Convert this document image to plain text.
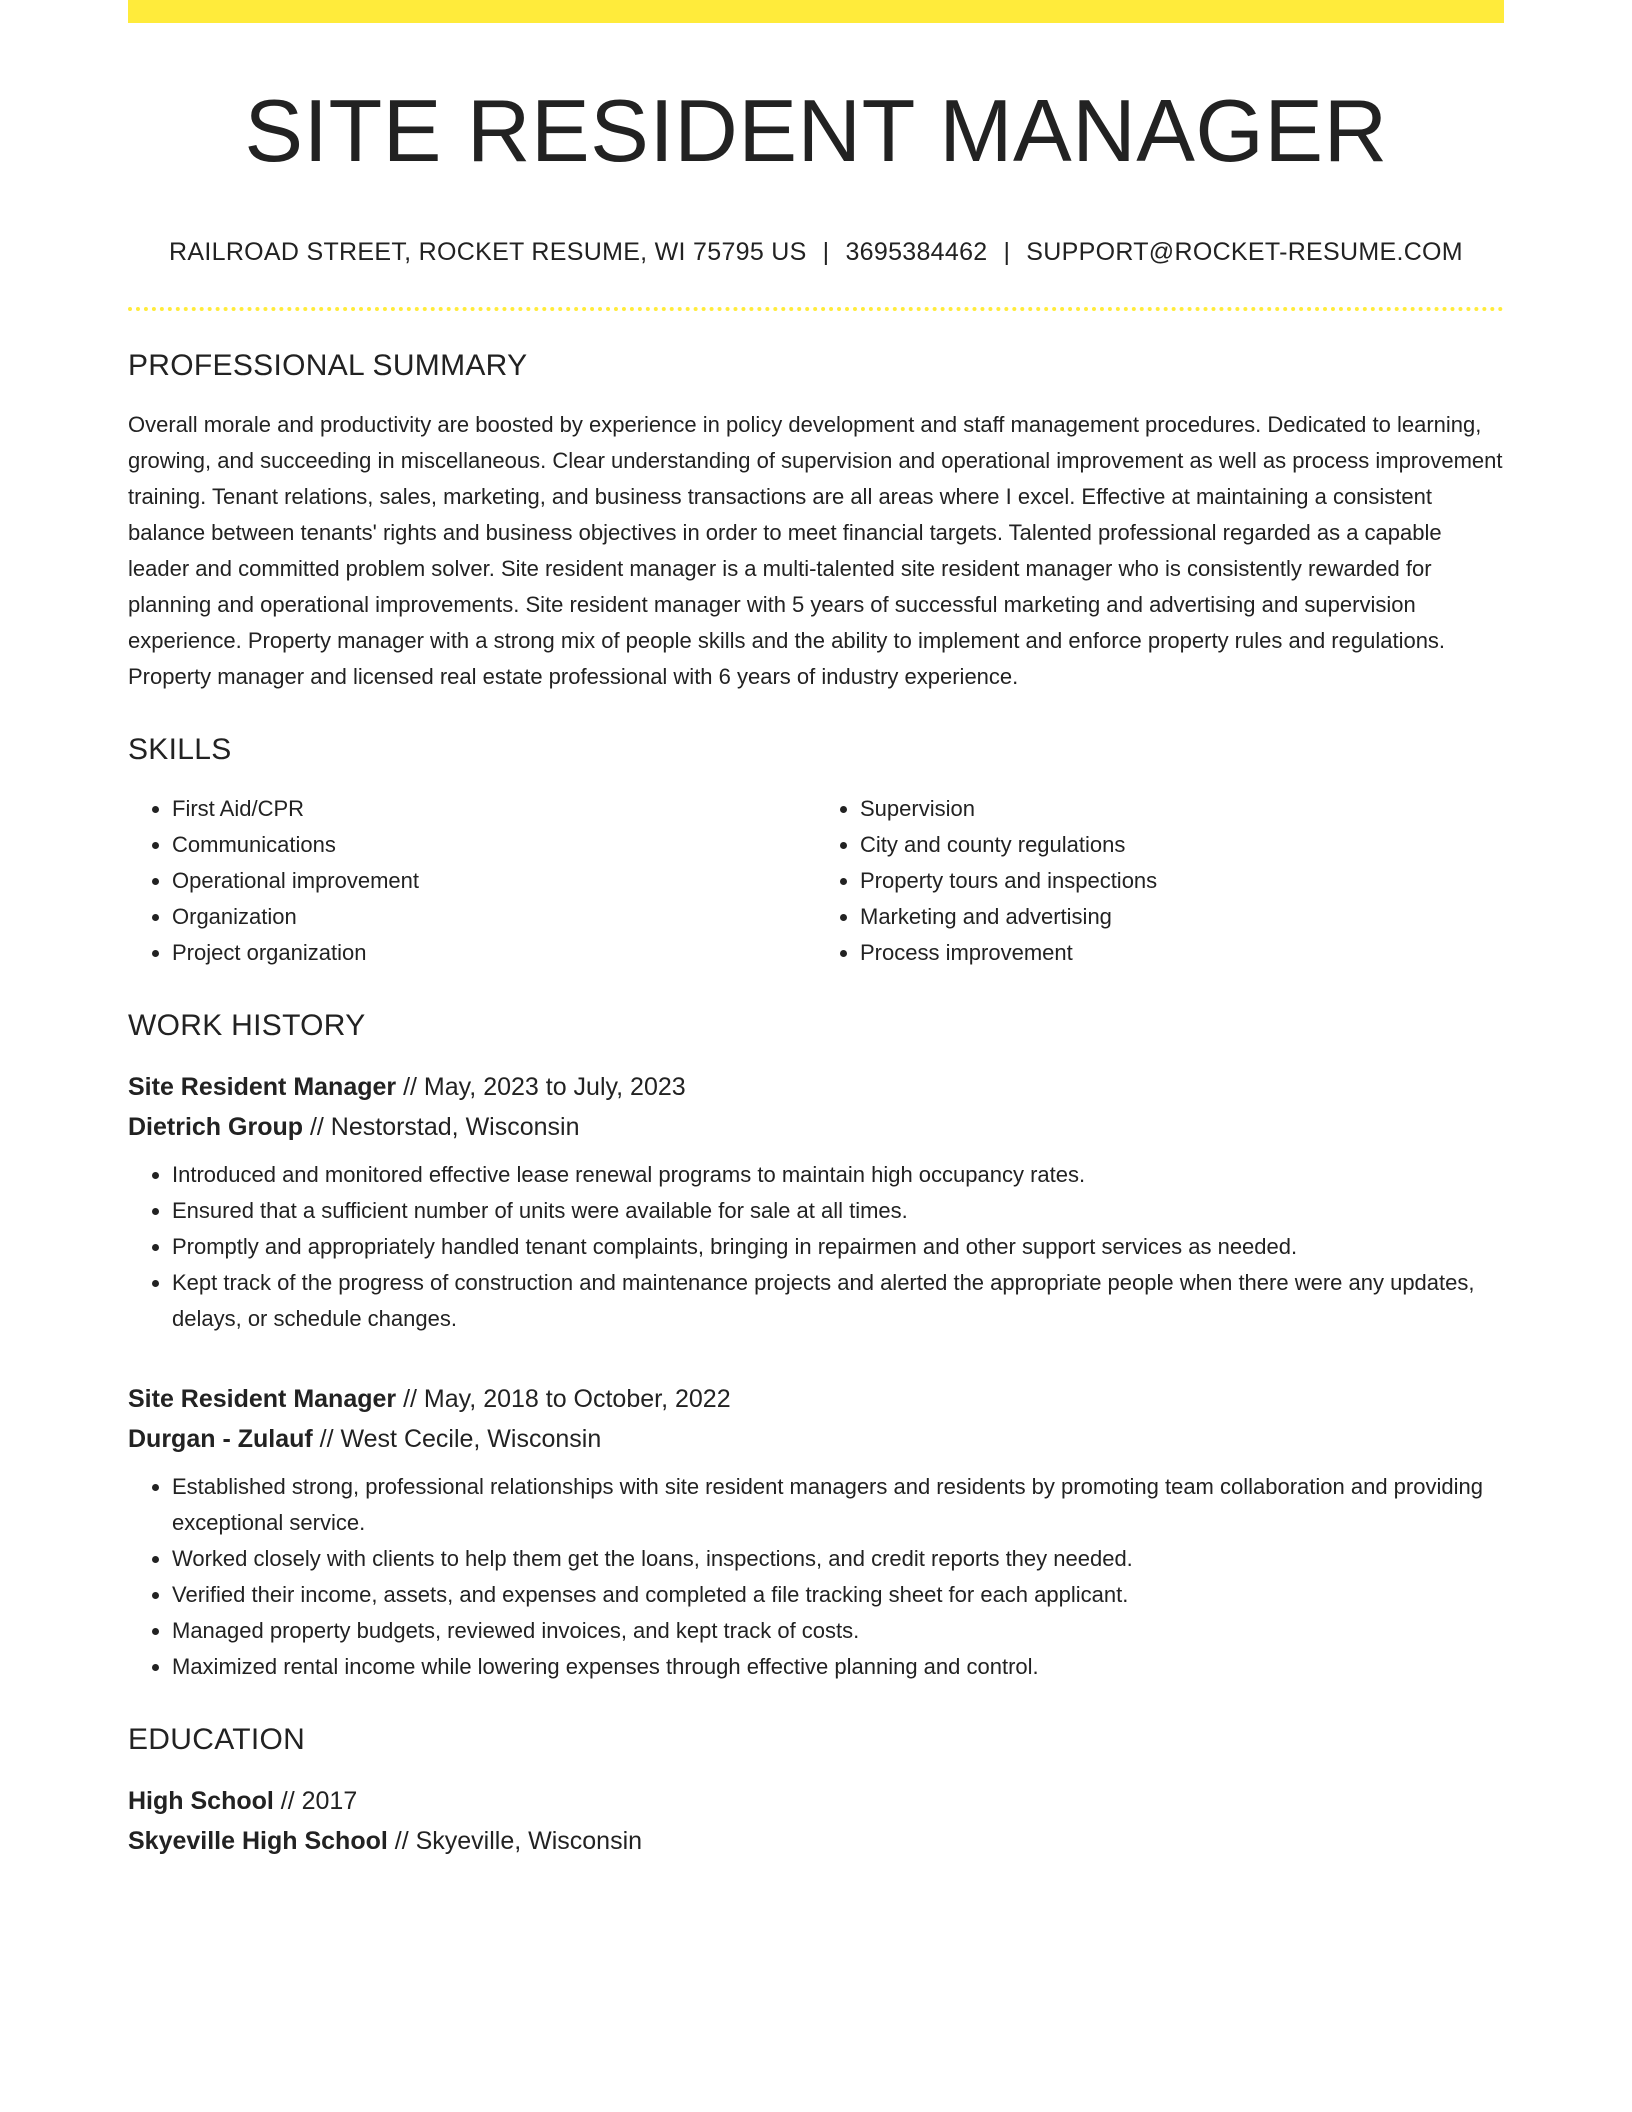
SITE RESIDENT MANAGER
RAILROAD STREET, ROCKET RESUME, WI 75795 US | 3695384462 | SUPPORT@ROCKET-RESUME.COM
PROFESSIONAL SUMMARY

Overall morale and productivity are boosted by experience in policy development and staff management procedures. Dedicated to learning, growing, and succeeding in miscellaneous. Clear understanding of supervision and operational improvement as well as process improvement training. Tenant relations, sales, marketing, and business transactions are all areas where I excel. Effective at maintaining a consistent balance between tenants' rights and business objectives in order to meet financial targets. Talented professional regarded as a capable leader and committed problem solver. Site resident manager is a multi-talented site resident manager who is consistently rewarded for planning and operational improvements. Site resident manager with 5 years of successful marketing and advertising and supervision experience. Property manager with a strong mix of people skills and the ability to implement and enforce property rules and regulations. Property manager and licensed real estate professional with 6 years of industry experience.

SKILLS
• First Aid/CPR
• Communications
• Operational improvement
• Organization
• Project organization
• Supervision
• City and county regulations
• Property tours and inspections
• Marketing and advertising
• Process improvement
WORK HISTORY

Site Resident Manager // May, 2023 to July, 2023

Dietrich Group // Nestorstad, Wisconsin

• Introduced and monitored effective lease renewal programs to maintain high occupancy rates.
• Ensured that a sufficient number of units were available for sale at all times.
• Promptly and appropriately handled tenant complaints, bringing in repairmen and other support services as needed.
• Kept track of the progress of construction and maintenance projects and alerted the appropriate people when there were any updates, delays, or schedule changes.

Site Resident Manager // May, 2018 to October, 2022

Durgan - Zulauf // West Cecile, Wisconsin

• Established strong, professional relationships with site resident managers and residents by promoting team collaboration and providing exceptional service.
• Worked closely with clients to help them get the loans, inspections, and credit reports they needed.
• Verified their income, assets, and expenses and completed a file tracking sheet for each applicant.
• Managed property budgets, reviewed invoices, and kept track of costs.
• Maximized rental income while lowering expenses through effective planning and control.
EDUCATION

High School // 2017

Skyeville High School // Skyeville, Wisconsin
